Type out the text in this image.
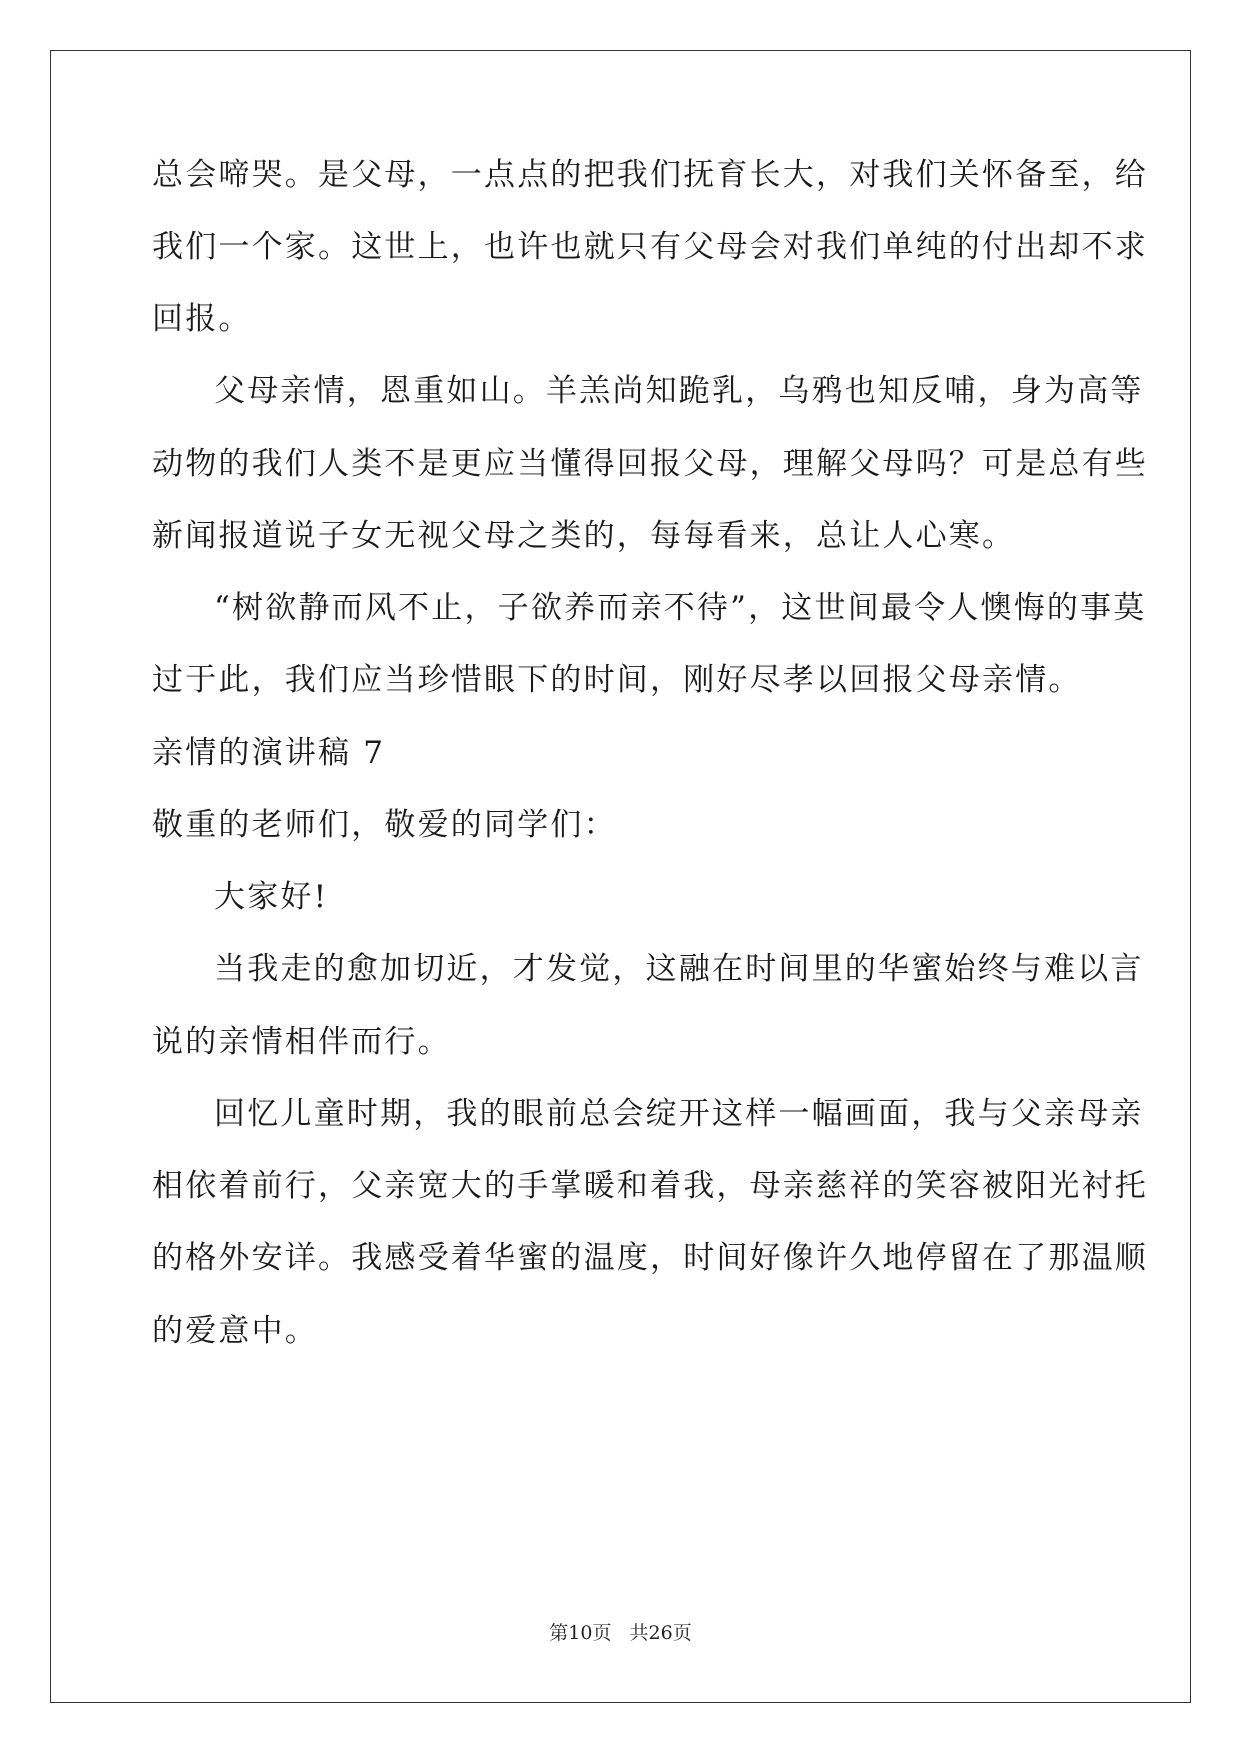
总会啼哭。是父母，一点点的把我们抚育长大，对我们关怀备至，给
我们一个家。这世上，也许也就只有父母会对我们单纯的付出却不求
回报。
父母亲情，恩重如山。羊羔尚知跪乳，乌鸦也知反哺，身为高等
动物的我们人类不是更应当懂得回报父母，理解父母吗？可是总有些
新闻报道说子女无视父母之类的，每每看来，总让人心寒。
“树欲静而风不止，子欲养而亲不待”，这世间最令人懊悔的事莫
过于此，我们应当珍惜眼下的时间，刚好尽孝以回报父母亲情。
亲情的演讲稿 7
敬重的老师们，敬爱的同学们：
大家好!
当我走的愈加切近，才发觉，这融在时间里的华蜜始终与难以言
说的亲情相伴而行。
回忆儿童时期，我的眼前总会绽开这样一幅画面，我与父亲母亲
相依着前行，父亲宽大的手掌暖和着我，母亲慈祥的笑容被阳光衬托
的格外安详。我感受着华蜜的温度，时间好像许久地停留在了那温顺
的爱意中。
第10页 共26页
